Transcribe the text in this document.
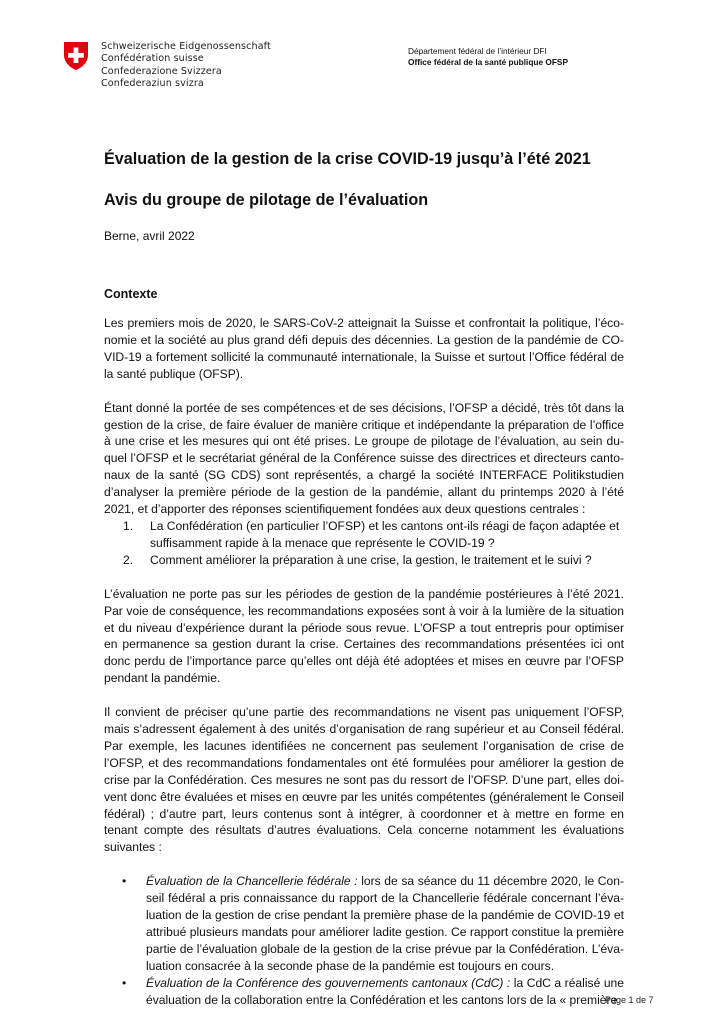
Schweizerische Eidgenossenschaft
Confédération suisse
Confederazione Svizzera
Confederaziun svizra
Département fédéral de l’intérieur DFI
Office fédéral de la santé publique OFSP
Évaluation de la gestion de la crise COVID-19 jusqu’à l’été 2021
Avis du groupe de pilotage de l’évaluation
Berne, avril 2022
Contexte

Les premiers mois de 2020, le SARS-CoV-2 atteignait la Suisse et confrontait la politique, l’économie et la société au plus grand défi depuis des décennies. La gestion de la pandémie de COVID-19 a fortement sollicité la communauté internationale, la Suisse et surtout l’Office fédéral de la santé publique (OFSP).

Étant donné la portée de ses compétences et de ses décisions, l’OFSP a décidé, très tôt dans la gestion de la crise, de faire évaluer de manière critique et indépendante la préparation de l’office à une crise et les mesures qui ont été prises. Le groupe de pilotage de l’évaluation, au sein duquel l’OFSP et le secrétariat général de la Conférence suisse des directrices et directeurs cantonaux de la santé (SG CDS) sont représentés, a chargé la société INTERFACE Politikstudien d’analyser la première période de la gestion de la pandémie, allant du printemps 2020 à l’été 2021, et d’apporter des réponses scientifiquement fondées aux deux questions centrales :

1.	La Confédération (en particulier l’OFSP) et les cantons ont-ils réagi de façon adaptée et suffisamment rapide à la menace que représente le COVID-19 ?
2.	Comment améliorer la préparation à une crise, la gestion, le traitement et le suivi ?

L’évaluation ne porte pas sur les périodes de gestion de la pandémie postérieures à l’été 2021. Par voie de conséquence, les recommandations exposées sont à voir à la lumière de la situation et du niveau d’expérience durant la période sous revue. L’OFSP a tout entrepris pour optimiser en permanence sa gestion durant la crise. Certaines des recommandations présentées ici ont donc perdu de l’importance parce qu’elles ont déjà été adoptées et mises en œuvre par l’OFSP pendant la pandémie.

Il convient de préciser qu’une partie des recommandations ne visent pas uniquement l’OFSP, mais s’adressent également à des unités d’organisation de rang supérieur et au Conseil fédéral. Par exemple, les lacunes identifiées ne concernent pas seulement l’organisation de crise de l’OFSP, et des recommandations fondamentales ont été formulées pour améliorer la gestion de crise par la Confédération. Ces mesures ne sont pas du ressort de l’OFSP. D’une part, elles doivent donc être évaluées et mises en œuvre par les unités compétentes (généralement le Conseil fédéral) ; d’autre part, leurs contenus sont à intégrer, à coordonner et à mettre en forme en tenant compte des résultats d’autres évaluations. Cela concerne notamment les évaluations suivantes :

•	Évaluation de la Chancellerie fédérale : lors de sa séance du 11 décembre 2020, le Conseil fédéral a pris connaissance du rapport de la Chancellerie fédérale concernant l’évaluation de la gestion de crise pendant la première phase de la pandémie de COVID-19 et attribué plusieurs mandats pour améliorer ladite gestion. Ce rapport constitue la première partie de l’évaluation globale de la gestion de la crise prévue par la Confédération. L’évaluation consacrée à la seconde phase de la pandémie est toujours en cours.
•	Évaluation de la Conférence des gouvernements cantonaux (CdC) : la CdC a réalisé une évaluation de la collaboration entre la Confédération et les cantons lors de la « première
Page 1 de 7
